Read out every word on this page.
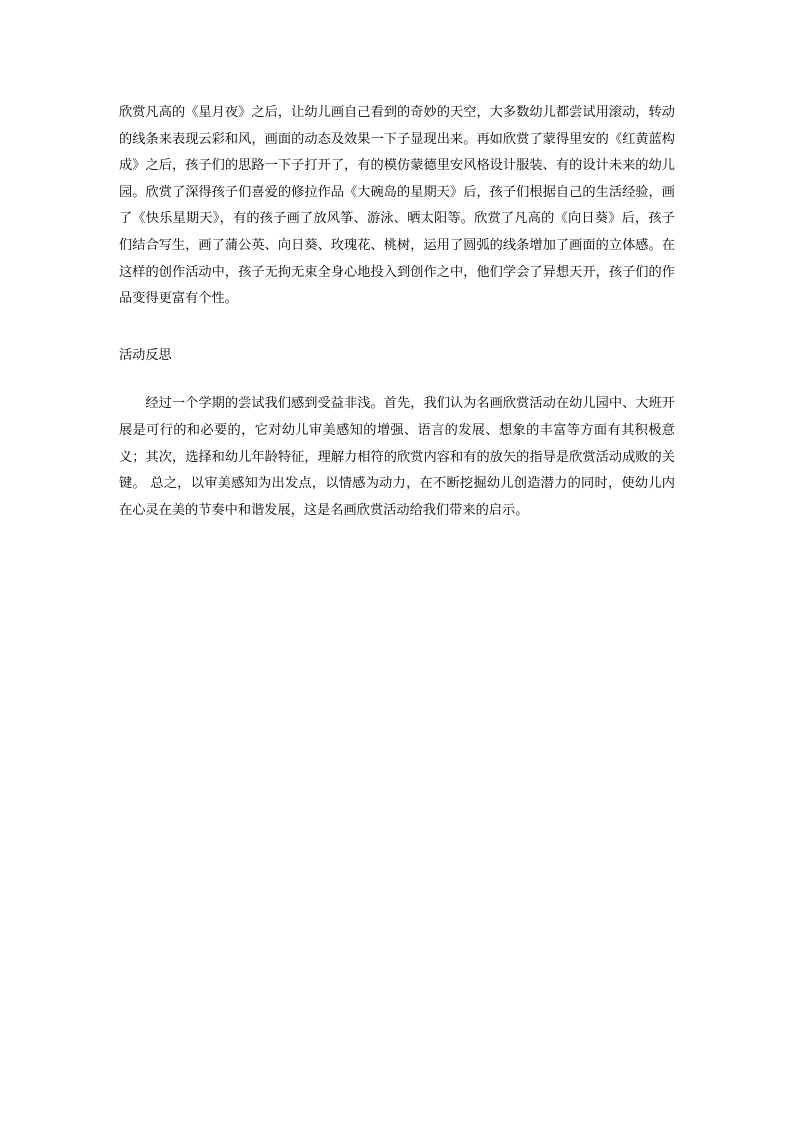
欣赏凡高的《星月夜》之后，让幼儿画自己看到的奇妙的天空，大多数幼儿都尝试用滚动，转动的线条来表现云彩和风，画面的动态及效果一下子显现出来。再如欣赏了蒙得里安的《红黄蓝构成》之后，孩子们的思路一下子打开了，有的模仿蒙德里安风格设计服装、有的设计未来的幼儿园。欣赏了深得孩子们喜爱的修拉作品《大碗岛的星期天》后，孩子们根据自己的生活经验，画了《快乐星期天》，有的孩子画了放风筝、游泳、晒太阳等。欣赏了凡高的《向日葵》后，孩子们结合写生，画了蒲公英、向日葵、玫瑰花、桃树，运用了圆弧的线条增加了画面的立体感。在这样的创作活动中，孩子无拘无束全身心地投入到创作之中，他们学会了异想天开，孩子们的作品变得更富有个性。

活动反思

经过一个学期的尝试我们感到受益非浅。首先，我们认为名画欣赏活动在幼儿园中、大班开展是可行的和必要的，它对幼儿审美感知的增强、语言的发展、想象的丰富等方面有其积极意义；其次，选择和幼儿年龄特征，理解力相符的欣赏内容和有的放矢的指导是欣赏活动成败的关键。 总之，以审美感知为出发点，以情感为动力，在不断挖掘幼儿创造潜力的同时，使幼儿内在心灵在美的节奏中和谐发展，这是名画欣赏活动给我们带来的启示。
